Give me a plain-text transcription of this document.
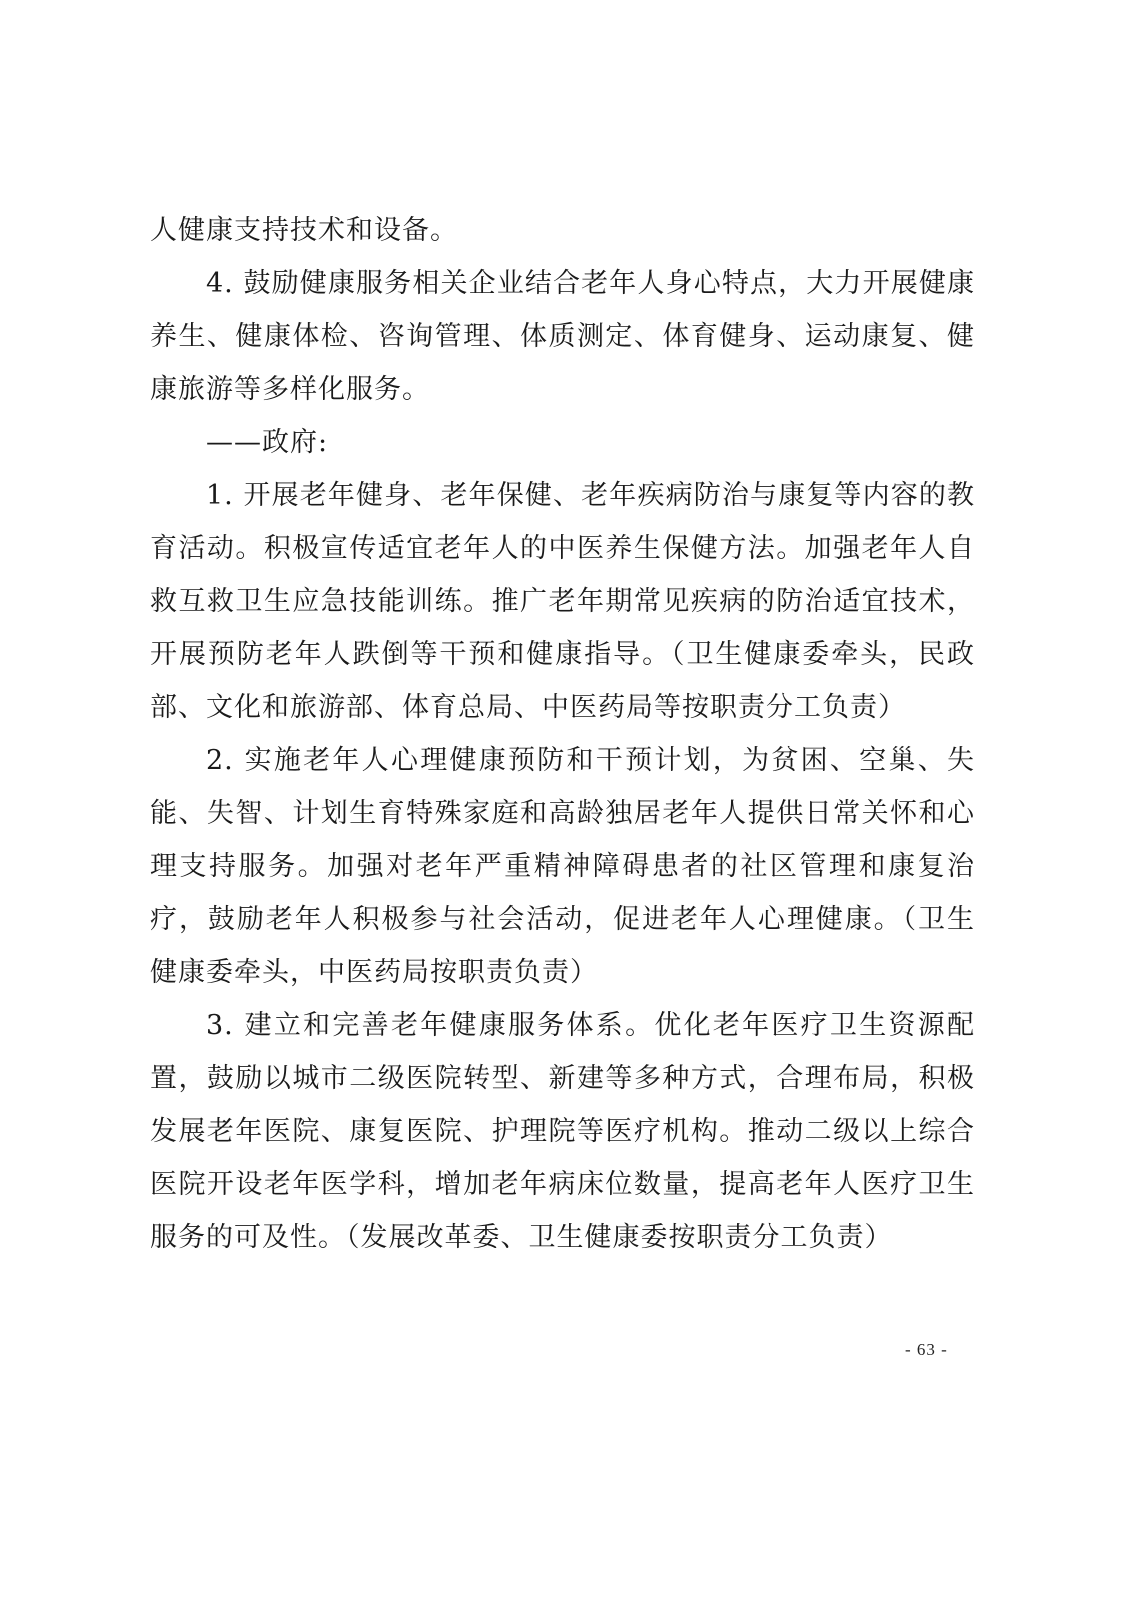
人健康支持技术和设备。

4. 鼓励健康服务相关企业结合老年人身心特点，大力开展健康养生、健康体检、咨询管理、体质测定、体育健身、运动康复、健康旅游等多样化服务。

——政府:

1. 开展老年健身、老年保健、老年疾病防治与康复等内容的教育活动。积极宣传适宜老年人的中医养生保健方法。加强老年人自救互救卫生应急技能训练。推广老年期常见疾病的防治适宜技术，开展预防老年人跌倒等干预和健康指导。（卫生健康委牵头，民政部、文化和旅游部、体育总局、中医药局等按职责分工负责）

2. 实施老年人心理健康预防和干预计划，为贫困、空巢、失能、失智、计划生育特殊家庭和高龄独居老年人提供日常关怀和心理支持服务。加强对老年严重精神障碍患者的社区管理和康复治疗，鼓励老年人积极参与社会活动，促进老年人心理健康。（卫生健康委牵头，中医药局按职责负责）

3. 建立和完善老年健康服务体系。优化老年医疗卫生资源配置，鼓励以城市二级医院转型、新建等多种方式，合理布局，积极发展老年医院、康复医院、护理院等医疗机构。推动二级以上综合医院开设老年医学科，增加老年病床位数量，提高老年人医疗卫生服务的可及性。（发展改革委、卫生健康委按职责分工负责）

- 63 -
